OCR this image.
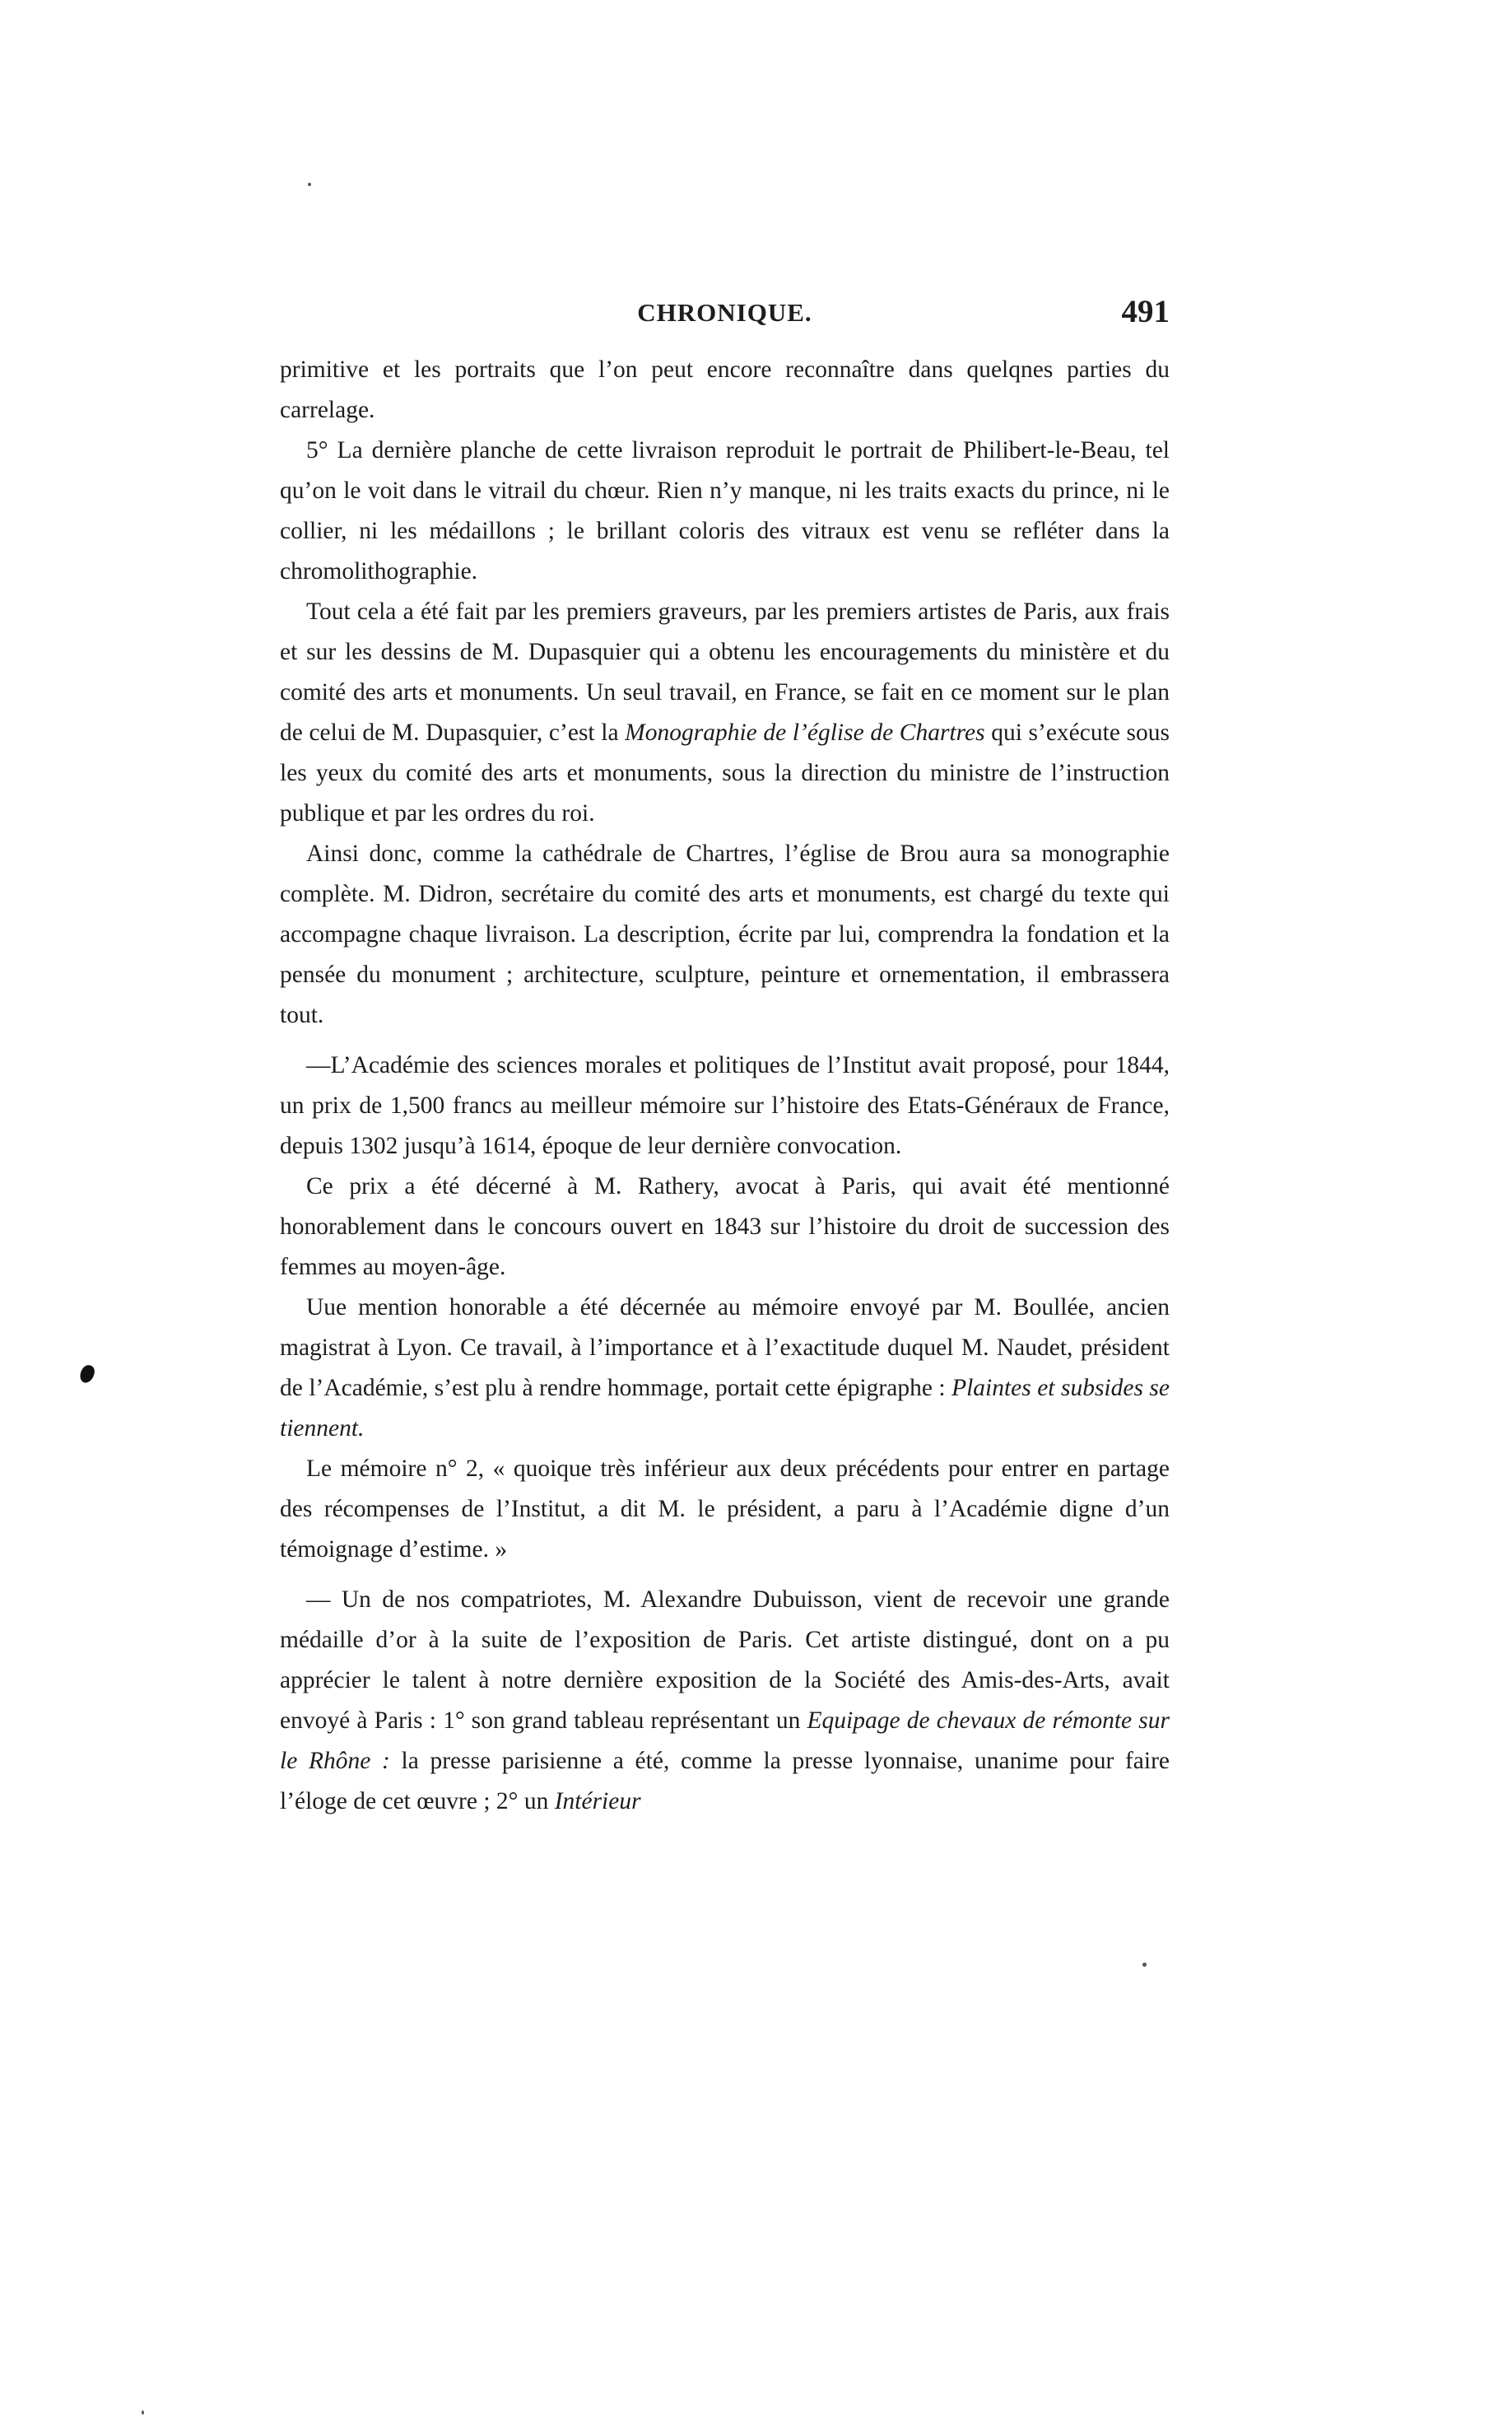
CHRONIQUE.	491

primitive et les portraits que l’on peut encore reconnaître dans quelqnes parties du carrelage.

5° La dernière planche de cette livraison reproduit le portrait de Philibert-le-Beau, tel qu’on le voit dans le vitrail du chœur. Rien n’y manque, ni les traits exacts du prince, ni le collier, ni les médaillons ; le brillant coloris des vitraux est venu se refléter dans la chromolithographie.

Tout cela a été fait par les premiers graveurs, par les premiers artistes de Paris, aux frais et sur les dessins de M. Dupasquier qui a obtenu les encouragements du ministère et du comité des arts et monuments. Un seul travail, en France, se fait en ce moment sur le plan de celui de M. Dupasquier, c’est la Monographie de l’église de Chartres qui s’exécute sous les yeux du comité des arts et monuments, sous la direction du ministre de l’instruction publique et par les ordres du roi.

Ainsi donc, comme la cathédrale de Chartres, l’église de Brou aura sa monographie complète. M. Didron, secrétaire du comité des arts et monuments, est chargé du texte qui accompagne chaque livraison. La description, écrite par lui, comprendra la fondation et la pensée du monument ; architecture, sculpture, peinture et ornementation, il embrassera tout.

—L’Académie des sciences morales et politiques de l’Institut avait proposé, pour 1844, un prix de 1,500 francs au meilleur mémoire sur l’histoire des Etats-Généraux de France, depuis 1302 jusqu’à 1614, époque de leur dernière convocation.

Ce prix a été décerné à M. Rathery, avocat à Paris, qui avait été mentionné honorablement dans le concours ouvert en 1843 sur l’histoire du droit de succession des femmes au moyen-âge.

Uue mention honorable a été décernée au mémoire envoyé par M. Boullée, ancien magistrat à Lyon. Ce travail, à l’importance et à l’exactitude duquel M. Naudet, président de l’Académie, s’est plu à rendre hommage, portait cette épigraphe : Plaintes et subsides se tiennent.

Le mémoire n° 2, « quoique très inférieur aux deux précédents pour entrer en partage des récompenses de l’Institut, a dit M. le président, a paru à l’Académie digne d’un témoignage d’estime. »

— Un de nos compatriotes, M. Alexandre Dubuisson, vient de recevoir une grande médaille d’or à la suite de l’exposition de Paris. Cet artiste distingué, dont on a pu apprécier le talent à notre dernière exposition de la Société des Amis-des-Arts, avait envoyé à Paris : 1° son grand tableau représentant un Equipage de chevaux de rémonte sur le Rhône : la presse parisienne a été, comme la presse lyonnaise, unanime pour faire l’éloge de cet œuvre ; 2° un Intérieur
